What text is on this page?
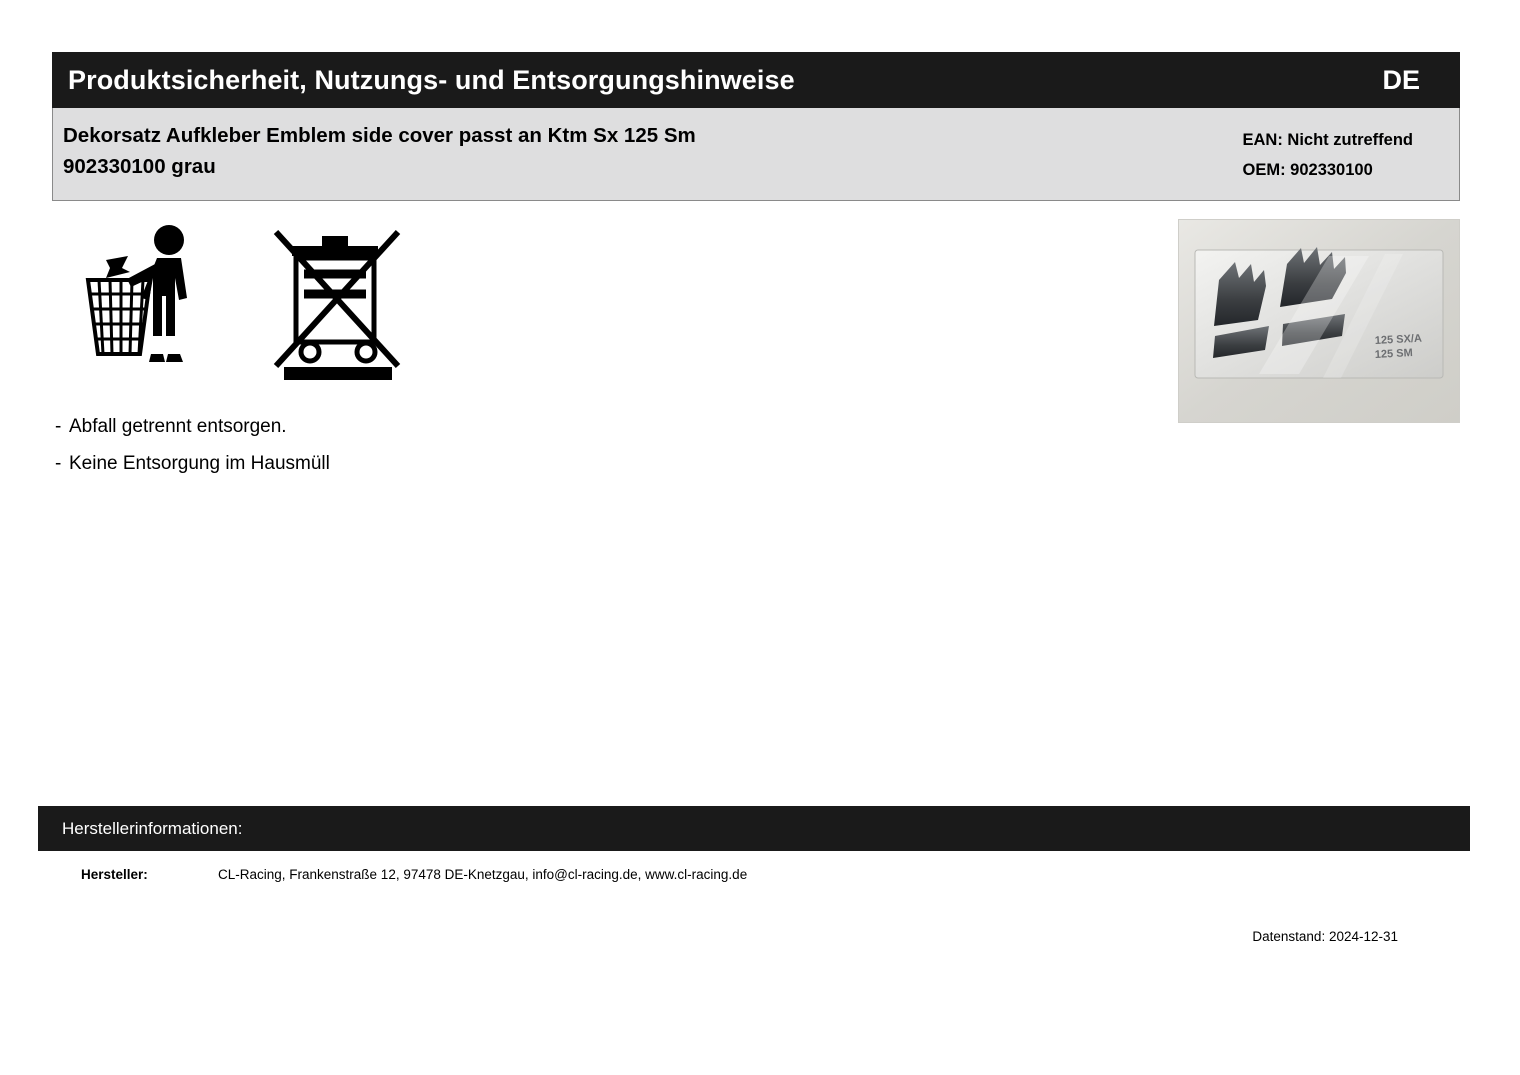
Produktsicherheit, Nutzungs- und Entsorgungshinweise	DE
Dekorsatz Aufkleber Emblem side cover passt an Ktm Sx 125 Sm
902330100 grau
EAN: Nicht zutreffend
OEM: 902330100
- Abfall getrennt entsorgen.
- Keine Entsorgung im Hausmüll
125 SX/A
125 SM
Herstellerinformationen:
Hersteller:	CL-Racing, Frankenstraße 12, 97478 DE-Knetzgau, info@cl-racing.de, www.cl-racing.de
Datenstand: 2024-12-31
